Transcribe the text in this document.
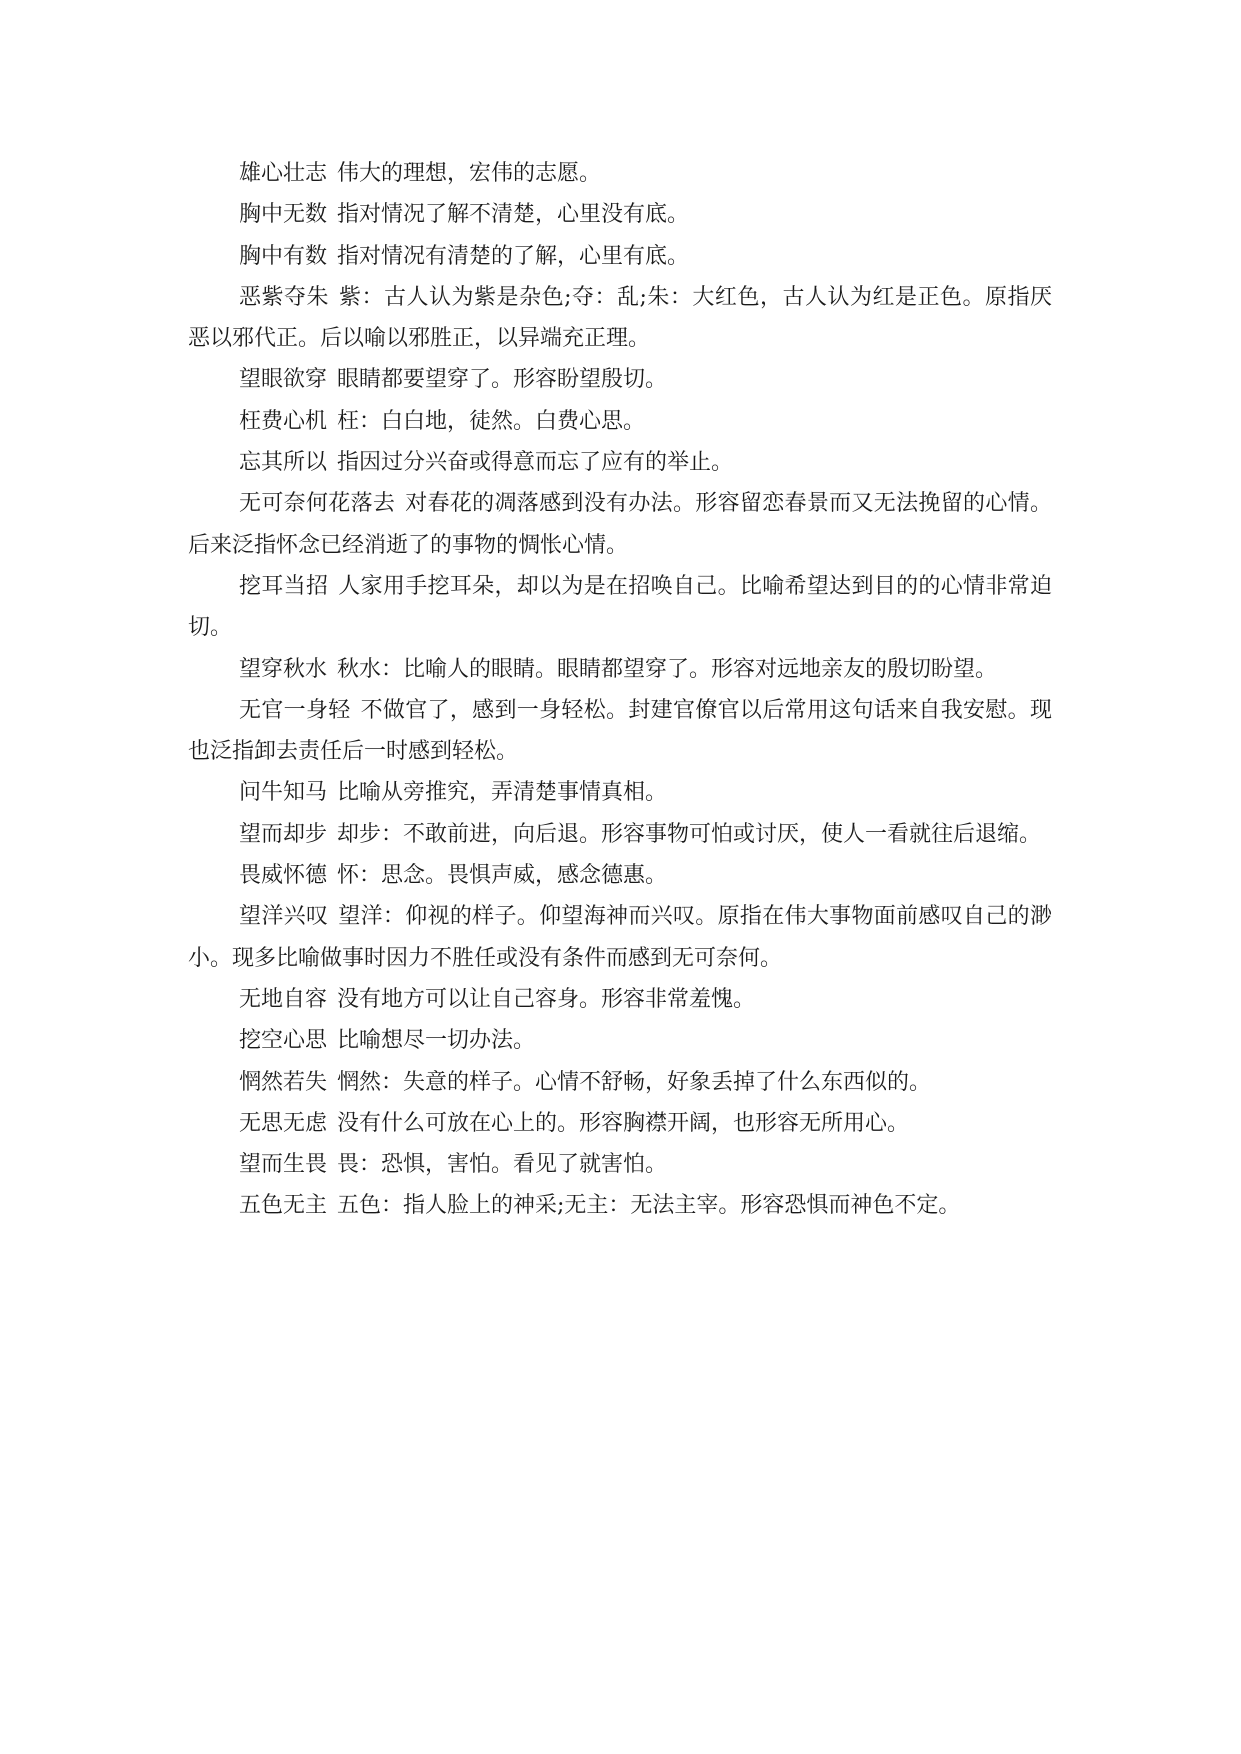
雄心壮志 伟大的理想，宏伟的志愿。

胸中无数 指对情况了解不清楚，心里没有底。

胸中有数 指对情况有清楚的了解，心里有底。

恶紫夺朱 紫：古人认为紫是杂色;夺：乱;朱：大红色，古人认为红是正色。原指厌恶以邪代正。后以喻以邪胜正，以异端充正理。

望眼欲穿 眼睛都要望穿了。形容盼望殷切。

枉费心机 枉：白白地，徒然。白费心思。

忘其所以 指因过分兴奋或得意而忘了应有的举止。

无可奈何花落去 对春花的凋落感到没有办法。形容留恋春景而又无法挽留的心情。后来泛指怀念已经消逝了的事物的惆怅心情。

挖耳当招 人家用手挖耳朵，却以为是在招唤自己。比喻希望达到目的的心情非常迫切。

望穿秋水 秋水：比喻人的眼睛。眼睛都望穿了。形容对远地亲友的殷切盼望。

无官一身轻 不做官了，感到一身轻松。封建官僚官以后常用这句话来自我安慰。现也泛指卸去责任后一时感到轻松。

问牛知马 比喻从旁推究，弄清楚事情真相。

望而却步 却步：不敢前进，向后退。形容事物可怕或讨厌，使人一看就往后退缩。

畏威怀德 怀：思念。畏惧声威，感念德惠。

望洋兴叹 望洋：仰视的样子。仰望海神而兴叹。原指在伟大事物面前感叹自己的渺小。现多比喻做事时因力不胜任或没有条件而感到无可奈何。

无地自容 没有地方可以让自己容身。形容非常羞愧。

挖空心思 比喻想尽一切办法。

惘然若失 惘然：失意的样子。心情不舒畅，好象丢掉了什么东西似的。

无思无虑 没有什么可放在心上的。形容胸襟开阔，也形容无所用心。

望而生畏 畏：恐惧，害怕。看见了就害怕。

五色无主 五色：指人脸上的神采;无主：无法主宰。形容恐惧而神色不定。
